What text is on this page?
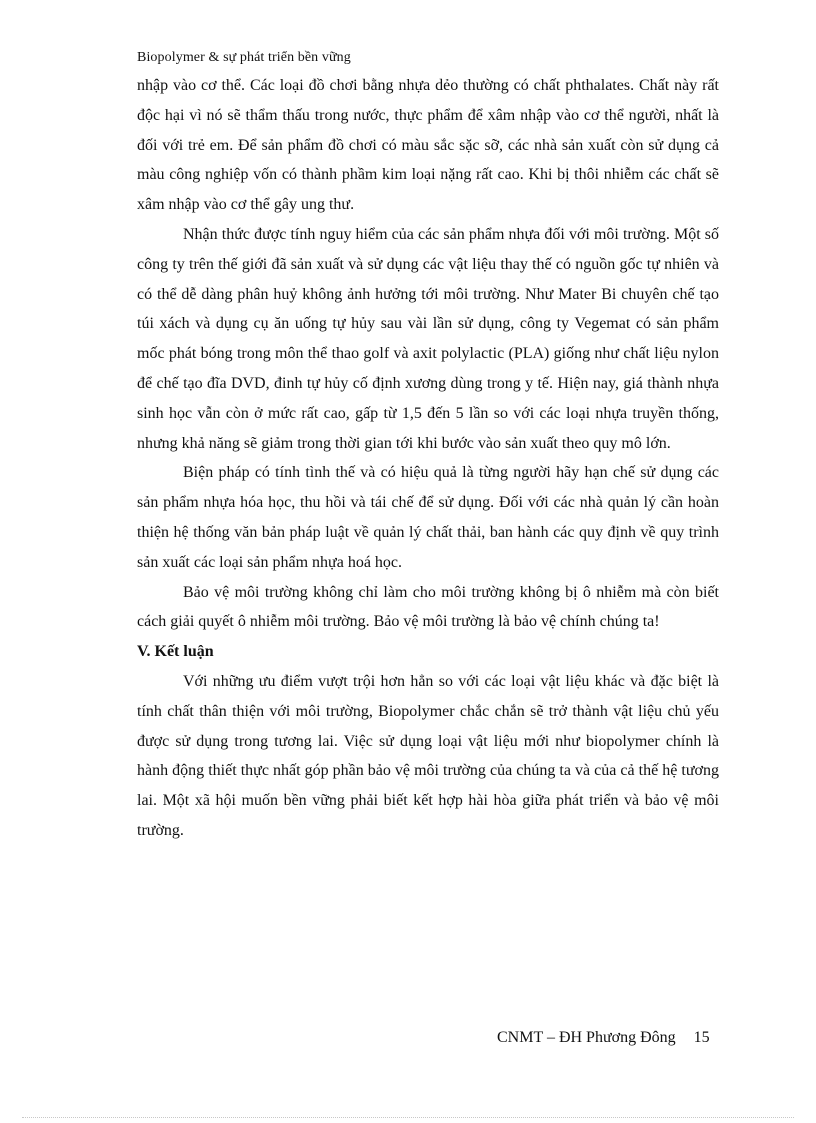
Biopolymer & sự phát triển bền vững

nhập vào cơ thể. Các loại đồ chơi bằng nhựa dẻo thường có chất phthalates. Chất này rất độc hại vì nó sẽ thẩm thấu trong nước, thực phẩm để xâm nhập vào cơ thể người, nhất là đối với trẻ em. Để sản phẩm đồ chơi có màu sắc sặc sỡ, các nhà sản xuất còn sử dụng cả màu công nghiệp vốn có thành phầm kim loại nặng rất cao. Khi bị thôi nhiễm các chất sẽ xâm nhập vào cơ thể gây ung thư.

Nhận thức được tính nguy hiểm của các sản phẩm nhựa đối với môi trường. Một số công ty trên thế giới đã sản xuất và sử dụng các vật liệu thay thế có nguồn gốc tự nhiên và có thể dễ dàng phân huỷ không ảnh hưởng tới môi trường. Như Mater Bi chuyên chế tạo túi xách và dụng cụ ăn uống tự hủy sau vài lần sử dụng, công ty Vegemat có sản phẩm mốc phát bóng trong môn thể thao golf và axit polylactic (PLA) giống như chất liệu nylon để chế tạo đĩa DVD, đinh tự hủy cố định xương dùng trong y tế. Hiện nay, giá thành nhựa sinh học vẫn còn ở mức rất cao, gấp từ 1,5 đến 5 lần so với các loại nhựa truyền thống, nhưng khả năng sẽ giảm trong thời gian tới khi bước vào sản xuất theo quy mô lớn.

Biện pháp có tính tình thế và có hiệu quả là từng người hãy hạn chế sử dụng các sản phẩm nhựa hóa học, thu hồi và tái chế để sử dụng. Đối với các nhà quản lý cần hoàn thiện hệ thống văn bản pháp luật về quản lý chất thải, ban hành các quy định về quy trình sản xuất các loại sản phẩm nhựa hoá học.

Bảo vệ môi trường không chỉ làm cho môi trường không bị ô nhiễm mà còn biết cách giải quyết ô nhiễm môi trường. Bảo vệ môi trường là bảo vệ chính chúng ta!

V. Kết luận

Với những ưu điểm vượt trội hơn hẳn so với các loại vật liệu khác và đặc biệt là tính chất thân thiện với môi trường, Biopolymer chắc chắn sẽ trở thành vật liệu chủ yếu được sử dụng trong tương lai. Việc sử dụng loại vật liệu mới như biopolymer chính là hành động thiết thực nhất góp phần bảo vệ môi trường của chúng ta và của cả thế hệ tương lai. Một xã hội muốn bền vững phải biết kết hợp hài hòa giữa phát triển và bảo vệ môi trường.

CNMT – ĐH Phương Đông 15
